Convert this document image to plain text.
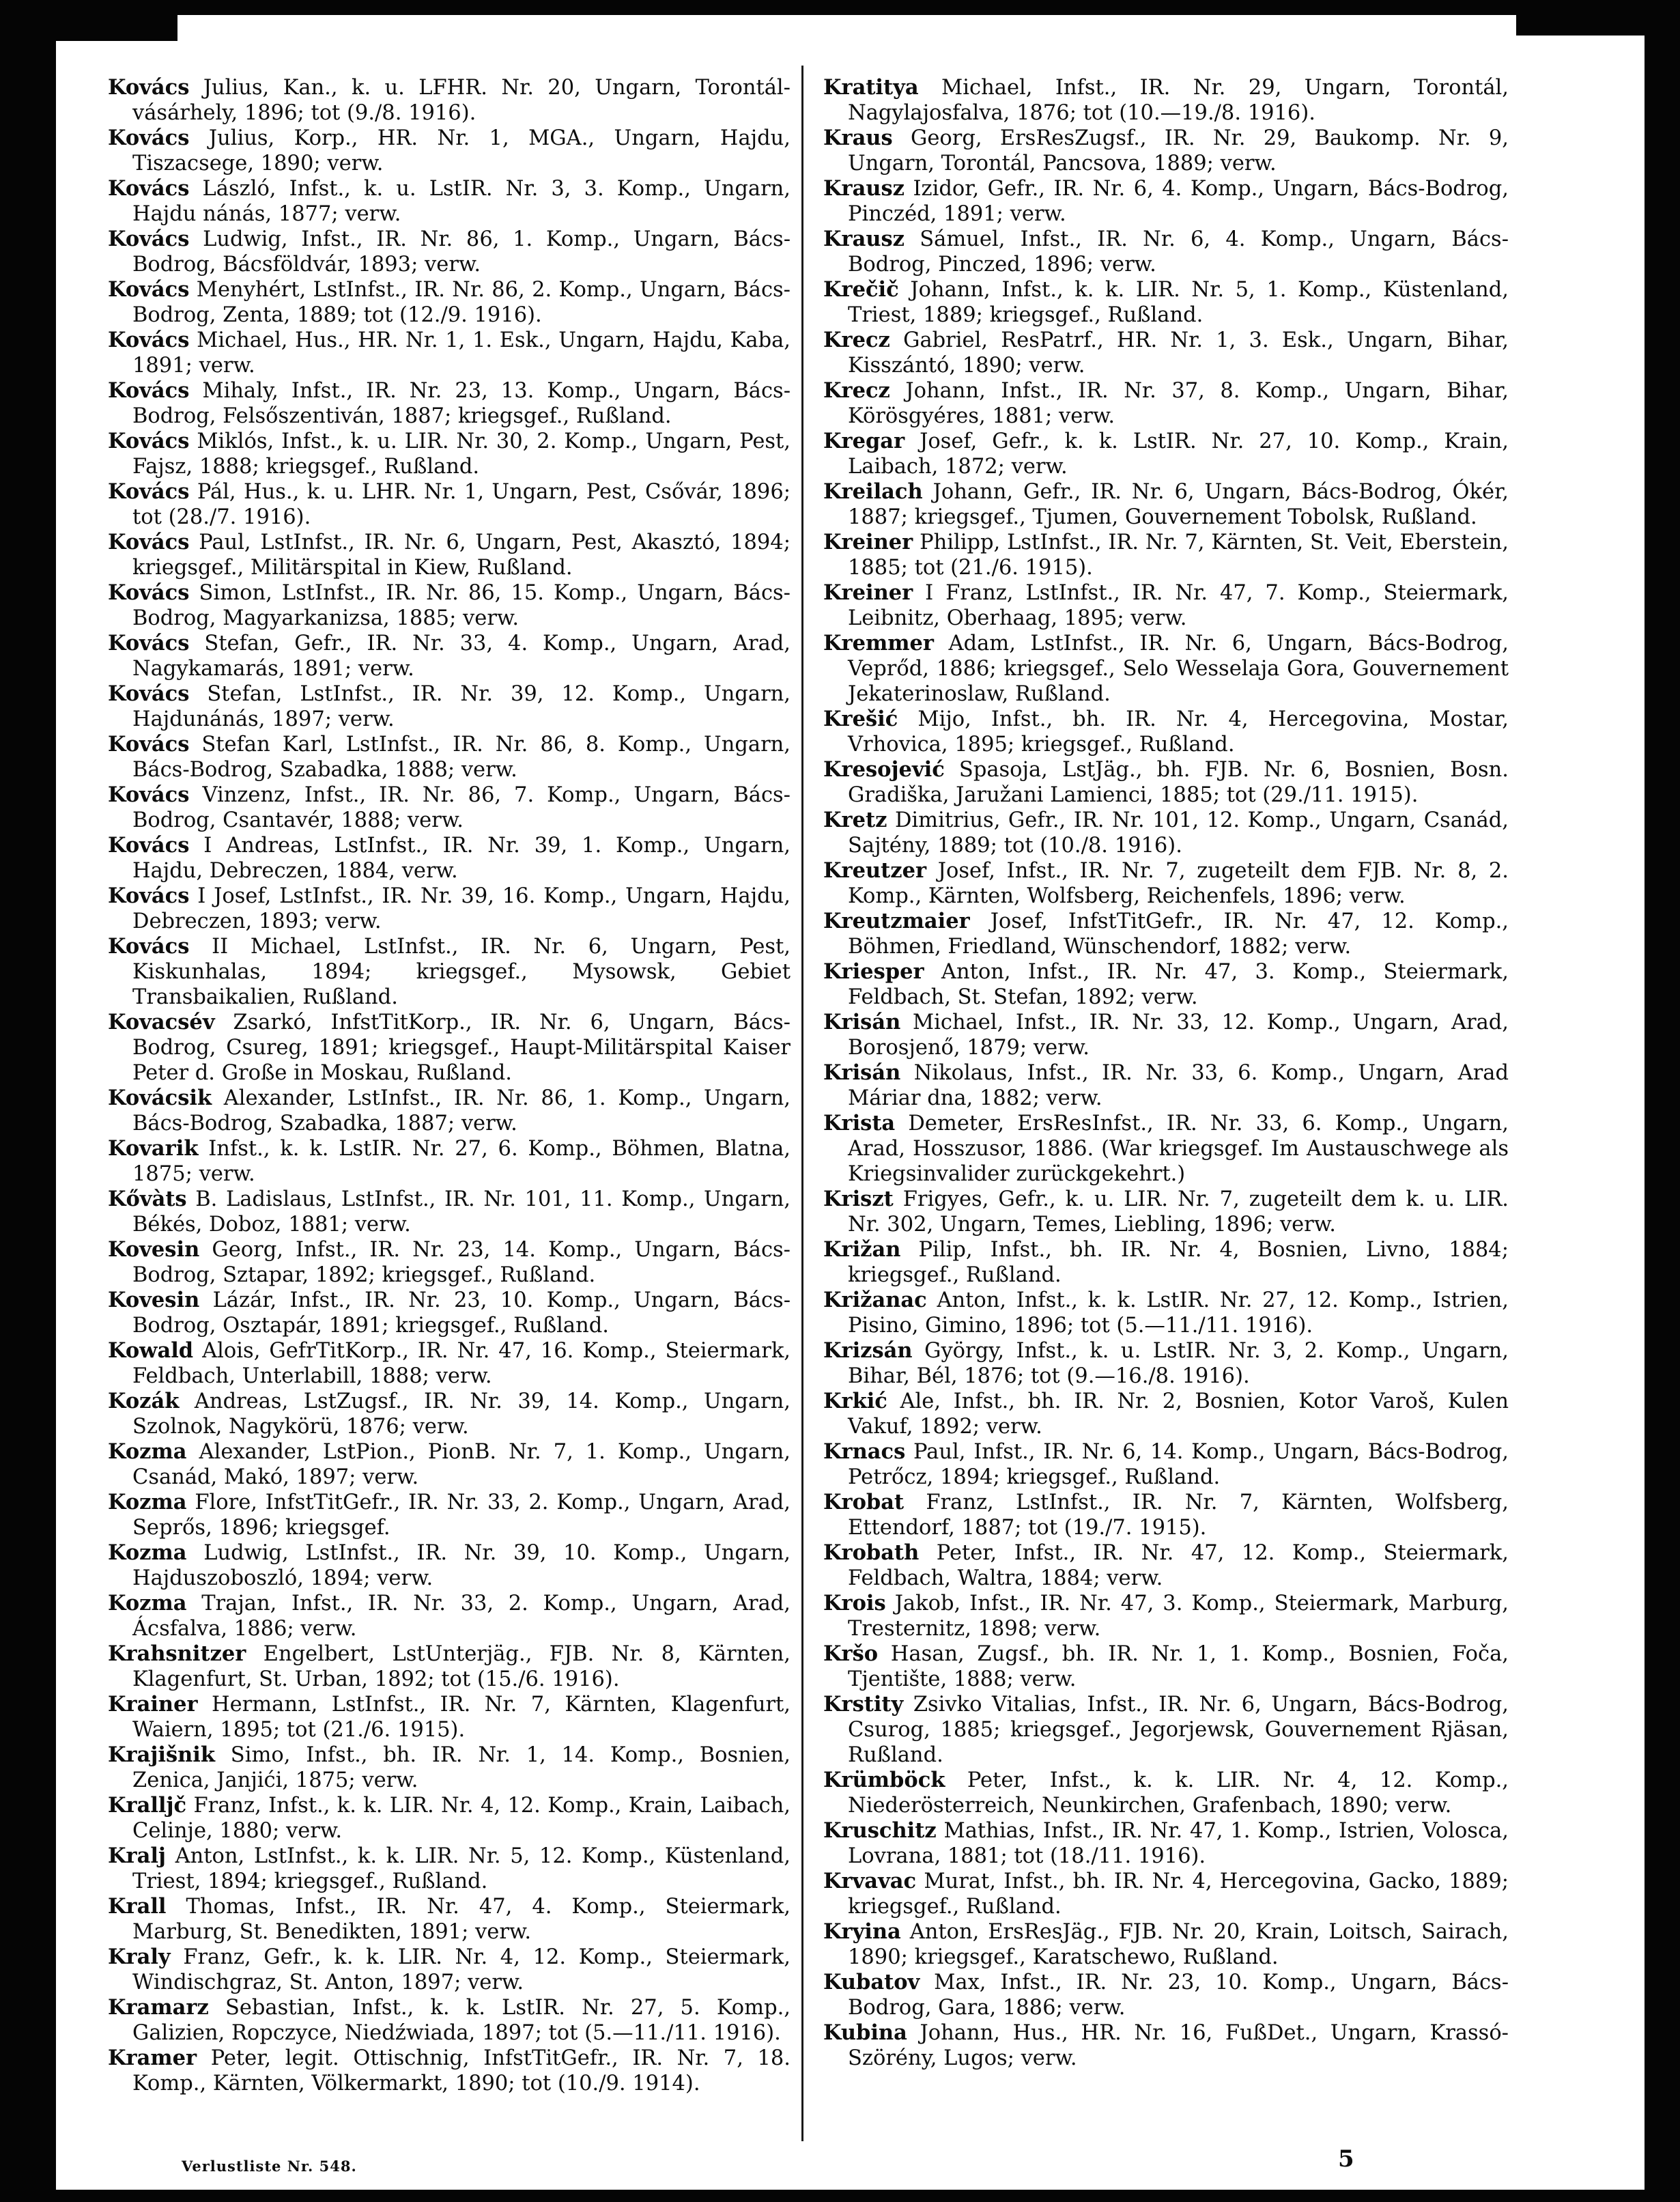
Kovács Julius, Kan., k. u. LFHR. Nr. 20, Ungarn, Torontál-vásárhely, 1896; tot (9./8. 1916).

Kovács Julius, Korp., HR. Nr. 1, MGA., Ungarn, Hajdu, Tiszacsege, 1890; verw.

Kovács László, Infst., k. u. LstIR. Nr. 3, 3. Komp., Ungarn, Hajdu nánás, 1877; verw.

Kovács Ludwig, Infst., IR. Nr. 86, 1. Komp., Ungarn, Bács-Bodrog, Bácsföldvár, 1893; verw.

Kovács Menyhért, LstInfst., IR. Nr. 86, 2. Komp., Ungarn, Bács-Bodrog, Zenta, 1889; tot (12./9. 1916).

Kovács Michael, Hus., HR. Nr. 1, 1. Esk., Ungarn, Hajdu, Kaba, 1891; verw.

Kovács Mihaly, Infst., IR. Nr. 23, 13. Komp., Ungarn, Bács-Bodrog, Felsőszentiván, 1887; kriegsgef., Rußland.

Kovács Miklós, Infst., k. u. LIR. Nr. 30, 2. Komp., Ungarn, Pest, Fajsz, 1888; kriegsgef., Rußland.

Kovács Pál, Hus., k. u. LHR. Nr. 1, Ungarn, Pest, Csővár, 1896; tot (28./7. 1916).

Kovács Paul, LstInfst., IR. Nr. 6, Ungarn, Pest, Akasztó, 1894; kriegsgef., Militärspital in Kiew, Rußland.

Kovács Simon, LstInfst., IR. Nr. 86, 15. Komp., Ungarn, Bács-Bodrog, Magyarkanizsa, 1885; verw.

Kovács Stefan, Gefr., IR. Nr. 33, 4. Komp., Ungarn, Arad, Nagykamarás, 1891; verw.

Kovács Stefan, LstInfst., IR. Nr. 39, 12. Komp., Ungarn, Hajdunánás, 1897; verw.

Kovács Stefan Karl, LstInfst., IR. Nr. 86, 8. Komp., Ungarn, Bács-Bodrog, Szabadka, 1888; verw.

Kovács Vinzenz, Infst., IR. Nr. 86, 7. Komp., Ungarn, Bács-Bodrog, Csantavér, 1888; verw.

Kovács I Andreas, LstInfst., IR. Nr. 39, 1. Komp., Ungarn, Hajdu, Debreczen, 1884, verw.

Kovács I Josef, LstInfst., IR. Nr. 39, 16. Komp., Ungarn, Hajdu, Debreczen, 1893; verw.

Kovács II Michael, LstInfst., IR. Nr. 6, Ungarn, Pest, Kiskunhalas, 1894; kriegsgef., Mysowsk, Gebiet Transbaikalien, Rußland.

Kovacsév Zsarkó, InfstTitKorp., IR. Nr. 6, Ungarn, Bács-Bodrog, Csureg, 1891; kriegsgef., Haupt-Militärspital Kaiser Peter d. Große in Moskau, Rußland.

Kovácsik Alexander, LstInfst., IR. Nr. 86, 1. Komp., Ungarn, Bács-Bodrog, Szabadka, 1887; verw.

Kovarik Infst., k. k. LstIR. Nr. 27, 6. Komp., Böhmen, Blatna, 1875; verw.

Kővàts B. Ladislaus, LstInfst., IR. Nr. 101, 11. Komp., Ungarn, Békés, Doboz, 1881; verw.

Kovesin Georg, Infst., IR. Nr. 23, 14. Komp., Ungarn, Bács-Bodrog, Sztapar, 1892; kriegsgef., Rußland.

Kovesin Lázár, Infst., IR. Nr. 23, 10. Komp., Ungarn, Bács-Bodrog, Osztapár, 1891; kriegsgef., Rußland.

Kowald Alois, GefrTitKorp., IR. Nr. 47, 16. Komp., Steiermark, Feldbach, Unterlabill, 1888; verw.

Kozák Andreas, LstZugsf., IR. Nr. 39, 14. Komp., Ungarn, Szolnok, Nagykörü, 1876; verw.

Kozma Alexander, LstPion., PionB. Nr. 7, 1. Komp., Ungarn, Csanád, Makó, 1897; verw.

Kozma Flore, InfstTitGefr., IR. Nr. 33, 2. Komp., Ungarn, Arad, Seprős, 1896; kriegsgef.

Kozma Ludwig, LstInfst., IR. Nr. 39, 10. Komp., Ungarn, Hajduszoboszló, 1894; verw.

Kozma Trajan, Infst., IR. Nr. 33, 2. Komp., Ungarn, Arad, Ácsfalva, 1886; verw.

Krahsnitzer Engelbert, LstUnterjäg., FJB. Nr. 8, Kärnten, Klagenfurt, St. Urban, 1892; tot (15./6. 1916).

Krainer Hermann, LstInfst., IR. Nr. 7, Kärnten, Klagenfurt, Waiern, 1895; tot (21./6. 1915).

Krajišnik Simo, Infst., bh. IR. Nr. 1, 14. Komp., Bosnien, Zenica, Janjići, 1875; verw.

Kralljč Franz, Infst., k. k. LIR. Nr. 4, 12. Komp., Krain, Laibach, Celinje, 1880; verw.

Kralj Anton, LstInfst., k. k. LIR. Nr. 5, 12. Komp., Küstenland, Triest, 1894; kriegsgef., Rußland.

Krall Thomas, Infst., IR. Nr. 47, 4. Komp., Steiermark, Marburg, St. Benedikten, 1891; verw.

Kraly Franz, Gefr., k. k. LIR. Nr. 4, 12. Komp., Steiermark, Windischgraz, St. Anton, 1897; verw.

Kramarz Sebastian, Infst., k. k. LstIR. Nr. 27, 5. Komp., Galizien, Ropczyce, Niedźwiada, 1897; tot (5.—11./11. 1916).

Kramer Peter, legit. Ottischnig, InfstTitGefr., IR. Nr. 7, 18. Komp., Kärnten, Völkermarkt, 1890; tot (10./9. 1914).

Kratitya Michael, Infst., IR. Nr. 29, Ungarn, Torontál, Nagylajosfalva, 1876; tot (10.—19./8. 1916).

Kraus Georg, ErsResZugsf., IR. Nr. 29, Baukomp. Nr. 9, Ungarn, Torontál, Pancsova, 1889; verw.

Krausz Izidor, Gefr., IR. Nr. 6, 4. Komp., Ungarn, Bács-Bodrog, Pinczéd, 1891; verw.

Krausz Sámuel, Infst., IR. Nr. 6, 4. Komp., Ungarn, Bács-Bodrog, Pinczed, 1896; verw.

Krečič Johann, Infst., k. k. LIR. Nr. 5, 1. Komp., Küstenland, Triest, 1889; kriegsgef., Rußland.

Krecz Gabriel, ResPatrf., HR. Nr. 1, 3. Esk., Ungarn, Bihar, Kisszántó, 1890; verw.

Krecz Johann, Infst., IR. Nr. 37, 8. Komp., Ungarn, Bihar, Körösgyéres, 1881; verw.

Kregar Josef, Gefr., k. k. LstIR. Nr. 27, 10. Komp., Krain, Laibach, 1872; verw.

Kreilach Johann, Gefr., IR. Nr. 6, Ungarn, Bács-Bodrog, Ókér, 1887; kriegsgef., Tjumen, Gouvernement Tobolsk, Rußland.

Kreiner Philipp, LstInfst., IR. Nr. 7, Kärnten, St. Veit, Eberstein, 1885; tot (21./6. 1915).

Kreiner I Franz, LstInfst., IR. Nr. 47, 7. Komp., Steiermark, Leibnitz, Oberhaag, 1895; verw.

Kremmer Adam, LstInfst., IR. Nr. 6, Ungarn, Bács-Bodrog, Veprőd, 1886; kriegsgef., Selo Wesselaja Gora, Gouvernement Jekaterinoslaw, Rußland.

Krešić Mijo, Infst., bh. IR. Nr. 4, Hercegovina, Mostar, Vrhovica, 1895; kriegsgef., Rußland.

Kresojević Spasoja, LstJäg., bh. FJB. Nr. 6, Bosnien, Bosn. Gradiška, Jaružani Lamienci, 1885; tot (29./11. 1915).

Kretz Dimitrius, Gefr., IR. Nr. 101, 12. Komp., Ungarn, Csanád, Sajtény, 1889; tot (10./8. 1916).

Kreutzer Josef, Infst., IR. Nr. 7, zugeteilt dem FJB. Nr. 8, 2. Komp., Kärnten, Wolfsberg, Reichenfels, 1896; verw.

Kreutzmaier Josef, InfstTitGefr., IR. Nr. 47, 12. Komp., Böhmen, Friedland, Wünschendorf, 1882; verw.

Kriesper Anton, Infst., IR. Nr. 47, 3. Komp., Steiermark, Feldbach, St. Stefan, 1892; verw.

Krisán Michael, Infst., IR. Nr. 33, 12. Komp., Ungarn, Arad, Borosjenő, 1879; verw.

Krisán Nikolaus, Infst., IR. Nr. 33, 6. Komp., Ungarn, Arad Máriar dna, 1882; verw.

Krista Demeter, ErsResInfst., IR. Nr. 33, 6. Komp., Ungarn, Arad, Hosszusor, 1886. (War kriegsgef. Im Austauschwege als Kriegsinvalider zurückgekehrt.)

Kriszt Frigyes, Gefr., k. u. LIR. Nr. 7, zugeteilt dem k. u. LIR. Nr. 302, Ungarn, Temes, Liebling, 1896; verw.

Križan Pilip, Infst., bh. IR. Nr. 4, Bosnien, Livno, 1884; kriegsgef., Rußland.

Križanac Anton, Infst., k. k. LstIR. Nr. 27, 12. Komp., Istrien, Pisino, Gimino, 1896; tot (5.—11./11. 1916).

Krizsán György, Infst., k. u. LstIR. Nr. 3, 2. Komp., Ungarn, Bihar, Bél, 1876; tot (9.—16./8. 1916).

Krkić Ale, Infst., bh. IR. Nr. 2, Bosnien, Kotor Varoš, Kulen Vakuf, 1892; verw.

Krnacs Paul, Infst., IR. Nr. 6, 14. Komp., Ungarn, Bács-Bodrog, Petrőcz, 1894; kriegsgef., Rußland.

Krobat Franz, LstInfst., IR. Nr. 7, Kärnten, Wolfsberg, Ettendorf, 1887; tot (19./7. 1915).

Krobath Peter, Infst., IR. Nr. 47, 12. Komp., Steiermark, Feldbach, Waltra, 1884; verw.

Krois Jakob, Infst., IR. Nr. 47, 3. Komp., Steiermark, Marburg, Tresternitz, 1898; verw.

Kršo Hasan, Zugsf., bh. IR. Nr. 1, 1. Komp., Bosnien, Foča, Tjentište, 1888; verw.

Krstity Zsivko Vitalias, Infst., IR. Nr. 6, Ungarn, Bács-Bodrog, Csurog, 1885; kriegsgef., Jegorjewsk, Gouvernement Rjäsan, Rußland.

Krümböck Peter, Infst., k. k. LIR. Nr. 4, 12. Komp., Niederösterreich, Neunkirchen, Grafenbach, 1890; verw.

Kruschitz Mathias, Infst., IR. Nr. 47, 1. Komp., Istrien, Volosca, Lovrana, 1881; tot (18./11. 1916).

Krvavac Murat, Infst., bh. IR. Nr. 4, Hercegovina, Gacko, 1889; kriegsgef., Rußland.

Kryina Anton, ErsResJäg., FJB. Nr. 20, Krain, Loitsch, Sairach, 1890; kriegsgef., Karatschewo, Rußland.

Kubatov Max, Infst., IR. Nr. 23, 10. Komp., Ungarn, Bács-Bodrog, Gara, 1886; verw.

Kubina Johann, Hus., HR. Nr. 16, FußDet., Ungarn, Krassó-Szörény, Lugos; verw.

Verlustliste Nr. 548.	5
